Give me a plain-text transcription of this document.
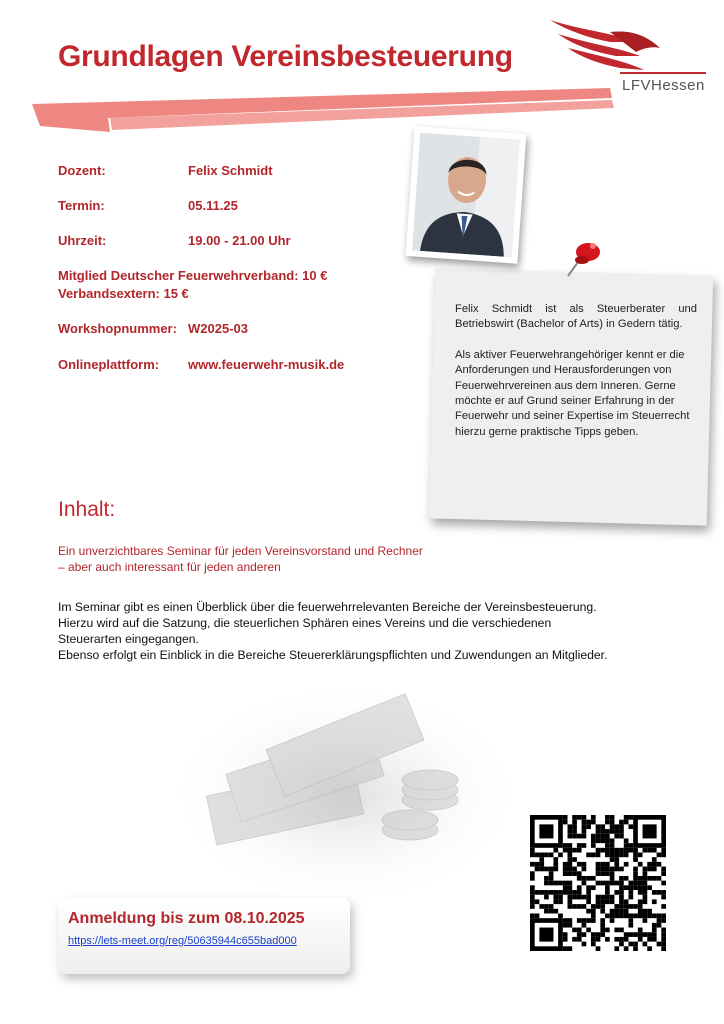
Grundlagen Vereinsbesteuerung
LFVHessen
Dozent:	Felix Schmidt
Termin:	05.11.25
Uhrzeit:	19.00 - 21.00 Uhr
Mitglied Deutscher Feuerwehrverband: 10 €
Verbandsextern: 15 €
Workshopnummer: W2025-03
Onlineplattform: www.feuerwehr-musik.de

Felix Schmidt ist als Steuerberater und Betriebswirt (Bachelor of Arts) in Gedern tätig.

Als aktiver Feuerwehrangehöriger kennt er die Anforderungen und Herausforderungen von Feuerwehrvereinen aus dem Inneren. Gerne möchte er auf Grund seiner Erfahrung in der Feuerwehr und seiner Expertise im Steuerrecht hierzu gerne praktische Tipps geben.

Inhalt:
Ein unverzichtbares Seminar für jeden Vereinsvorstand und Rechner
– aber auch interessant für jeden anderen
Im Seminar gibt es einen Überblick über die feuerwehrrelevanten Bereiche der Vereinsbesteuerung.
Hierzu wird auf die Satzung, die steuerlichen Sphären eines Vereins und die verschiedenen
Steuerarten eingegangen.
Ebenso erfolgt ein Einblick in die Bereiche Steuererklärungspflichten und Zuwendungen an Mitglieder.
Anmeldung bis zum 08.10.2025
https://lets-meet.org/reg/50635944c655bad000
